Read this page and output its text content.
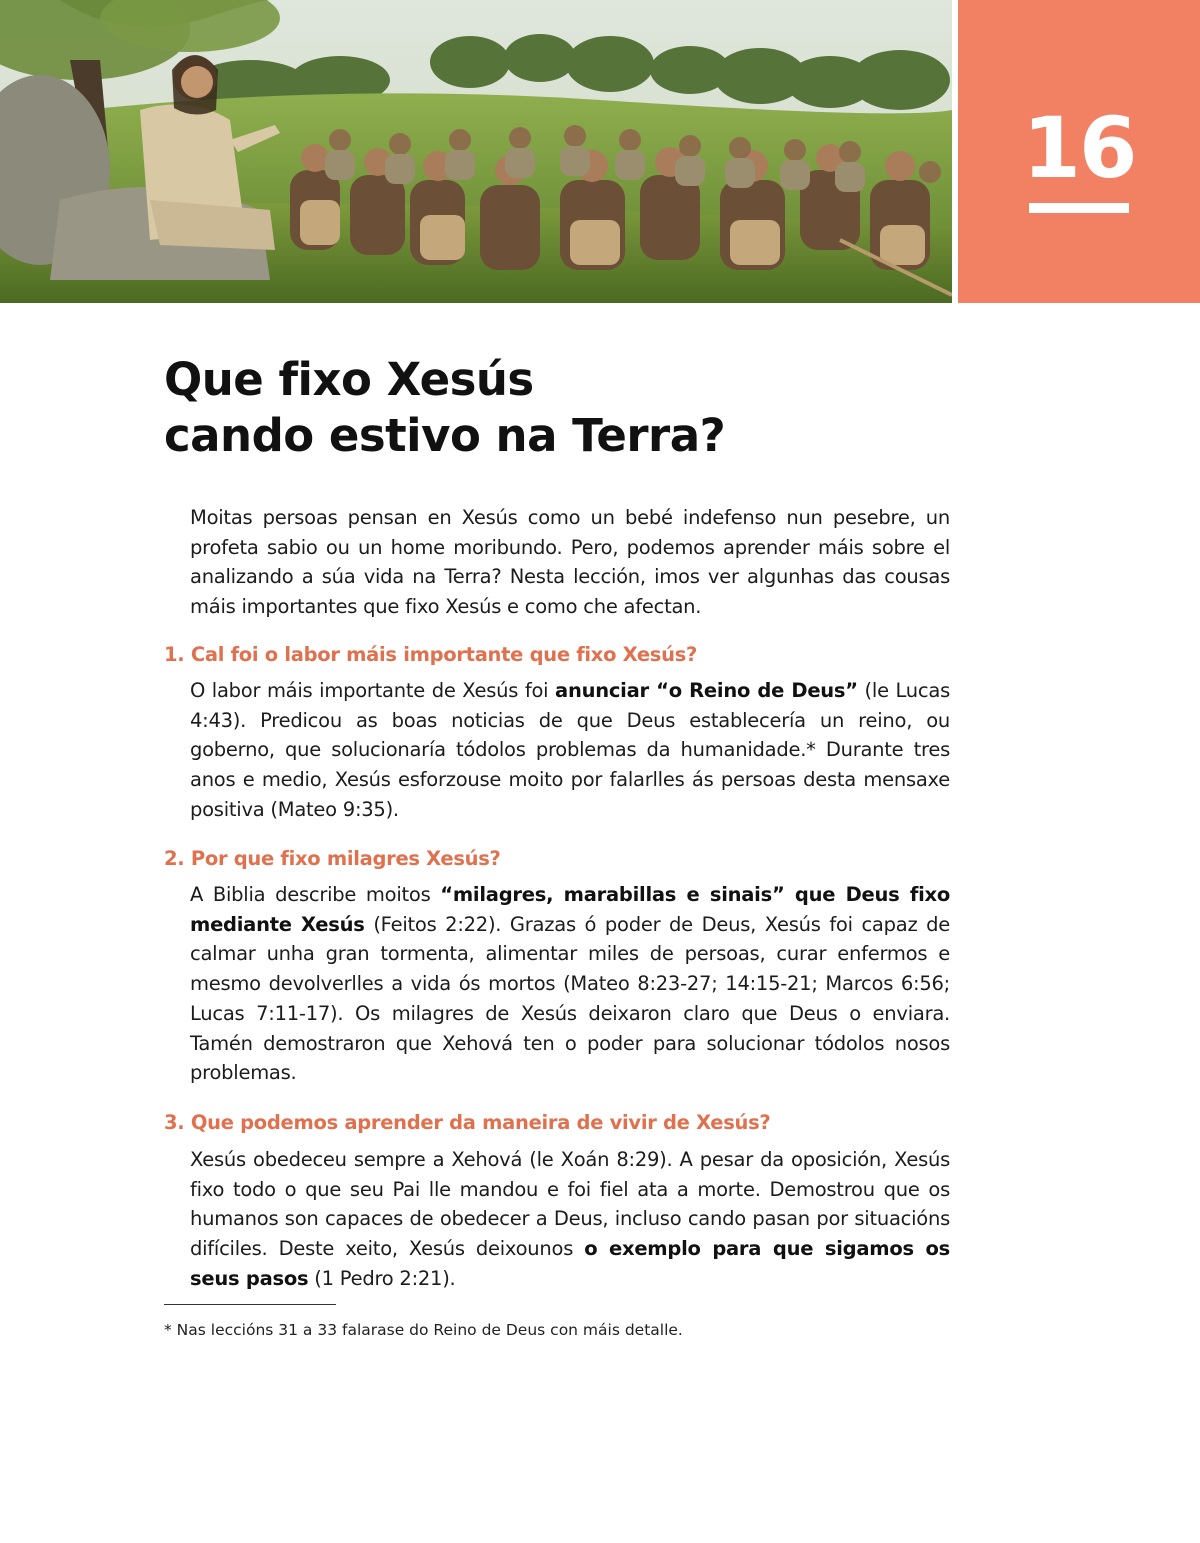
16
Que fixo Xesús
cando estivo na Terra?

Moitas persoas pensan en Xesús como un bebé indefenso nun pesebre, un profeta sabio ou un home moribundo. Pero, podemos aprender máis sobre el analizando a súa vida na Terra? Nesta lección, imos ver algunhas das cousas máis importantes que fixo Xesús e como che afectan.

1. Cal foi o labor máis importante que fixo Xesús?

O labor máis importante de Xesús foi anunciar “o Reino de Deus” (le Lucas 4:43). Predicou as boas noticias de que Deus establecería un reino, ou goberno, que solucionaría tódolos problemas da humanidade.* Durante tres anos e medio, Xesús esforzouse moito por falarlles ás persoas desta mensaxe positiva (Mateo 9:35).

2. Por que fixo milagres Xesús?

A Biblia describe moitos “milagres, marabillas e sinais” que Deus fixo mediante Xesús (Feitos 2:22). Grazas ó poder de Deus, Xesús foi capaz de calmar unha gran tormenta, alimentar miles de persoas, curar enfermos e mesmo devolverlles a vida ós mortos (Mateo 8:23-27; 14:15-21; Marcos 6:56; Lucas 7:11-17). Os milagres de Xesús deixaron claro que Deus o enviara. Tamén demostraron que Xehová ten o poder para solucionar tódolos nosos problemas.

3. Que podemos aprender da maneira de vivir de Xesús?

Xesús obedeceu sempre a Xehová (le Xoán 8:29). A pesar da oposición, Xesús fixo todo o que seu Pai lle mandou e foi fiel ata a morte. Demostrou que os humanos son capaces de obedecer a Deus, incluso cando pasan por situacións difíciles. Deste xeito, Xesús deixounos o exemplo para que sigamos os seus pasos (1 Pedro 2:21).

* Nas leccións 31 a 33 falarase do Reino de Deus con máis detalle.
